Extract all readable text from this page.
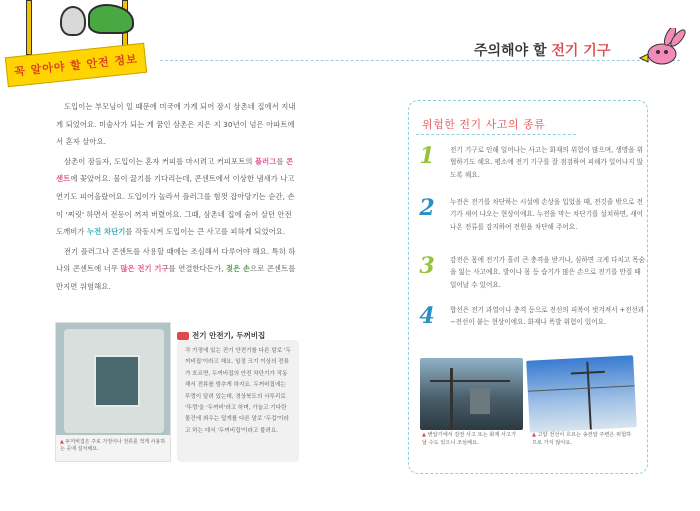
꼭 알아야 할 안전 정보
주의해야 할 전기 기구

도입이는 부모님이 일 때문에 미국에 가게 되어 잠시 삼촌네 집에서 지내게 되었어요. 미술사가 되는 게 꿈인 삼촌은 지은 지 30년이 넘은 아파트에서 혼자 살아요.

삼촌이 잠들자, 도입이는 혼자 커피를 마시려고 커피포트의 플러그를 콘센트에 꽂았어요. 물이 끓기를 기다리는데, 콘센트에서 이상한 냄새가 나고 연기도 피어올랐어요. 도입이가 놀라서 플러그를 힘껏 잡아당기는 순간, 손이 '찌릿' 하면서 전등이 꺼져 버렸어요. 그때, 삼촌네 집에 숨어 살던 안전 도깨비가 누전 차단기를 작동시켜 도입이는 큰 사고를 피하게 되었어요.

전기 플러그나 콘센트를 사용할 때에는 조심해서 다루어야 해요. 특히 하나의 콘센트에 너무 많은 전기 기구를 연결한다든가, 젖은 손으로 콘센트를 만지면 위험해요.

▲ 두꺼비집은 주로 가정이나 전류를 적게 사용하는 곳에 설치해요.
전기 안전기, 두꺼비집
각 가정에 있는 전기 안전기를 다른 말로 '두꺼비집'이라고 해요. 일정 크기 이상의 전류가 흐르면, 두꺼비집의 안전 차단기가 작동해서 전류를 멈추게 하지요. 두꺼비집에는 뚜껑이 달려 있는데, 경상북도의 사투리로 '뚜껑'을 '두꺼비'라고 하며, 가늘고 기다란 물건에 씌우는 덮개를 다른 말로 '두겁'이라고 하는 데서 '두꺼비집'이라고 불려요.
위험한 전기 사고의 종류
1	전기 기구로 인해 일어나는 사고는 화재의 위험이 많으며, 생명을 위협하기도 해요. 평소에 전기 기구를 잘 점검하여 피해가 일어나지 않도록 해요.
2	누전은 전기를 차단하는 시설에 손상을 입었을 때, 전깃줄 밖으로 전기가 새어 나오는 현상이에요. 누전을 막는 차단기를 설치하면, 새어 나온 전류를 감지하여 전원을 차단해 주어요.
3	감전은 몸에 전기가 흘러 큰 충격을 받거나, 심하면 크게 다치고 목숨을 잃는 사고예요. 발이나 몸 등 습기가 많은 손으로 전기를 만질 때 일어날 수 있어요.
4	합선은 전기 과열이나 충격 등으로 전선의 피복이 벗겨져서 +전선과 −전선이 붙는 현상이에요. 화재나 폭발 위험이 있어요.
▲ 변압기에서 감전 사고 또는 화재 사고가 날 수도 있으니 조심해요.
▲ 고압 전선이 흐르는 송전탑 주변은 위험하므로 가지 않아요.
